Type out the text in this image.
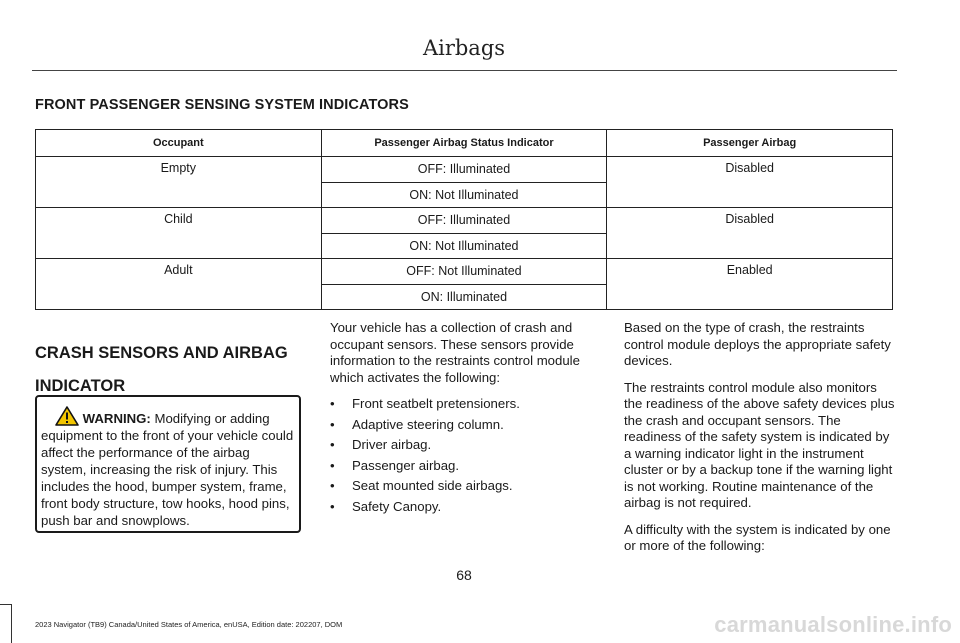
Airbags
FRONT PASSENGER SENSING SYSTEM INDICATORS
Occupant	Passenger Airbag Status Indicator	Passenger Airbag
Empty	OFF: Illuminated	Disabled
	ON: Not Illuminated	
Child	OFF: Illuminated	Disabled
	ON: Not Illuminated	
Adult	OFF: Not Illuminated	Enabled
	ON: Illuminated	
CRASH SENSORS AND AIRBAG
INDICATOR
WARNING: Modifying or adding equipment to the front of your vehicle could affect the performance of the airbag system, increasing the risk of injury. This includes the hood, bumper system, frame, front body structure, tow hooks, hood pins, push bar and snowplows.

Your vehicle has a collection of crash and occupant sensors. These sensors provide information to the restraints control module which activates the following:

• Front seatbelt pretensioners.
• Adaptive steering column.
• Driver airbag.
• Passenger airbag.
• Seat mounted side airbags.
• Safety Canopy.

Based on the type of crash, the restraints control module deploys the appropriate safety devices.

The restraints control module also monitors the readiness of the above safety devices plus the crash and occupant sensors. The readiness of the safety system is indicated by a warning indicator light in the instrument cluster or by a backup tone if the warning light is not working. Routine maintenance of the airbag is not required.

A difficulty with the system is indicated by one or more of the following:

68
2023 Navigator (TB9) Canada/United States of America, enUSA, Edition date: 202207, DOM	carmanualsonline.info
